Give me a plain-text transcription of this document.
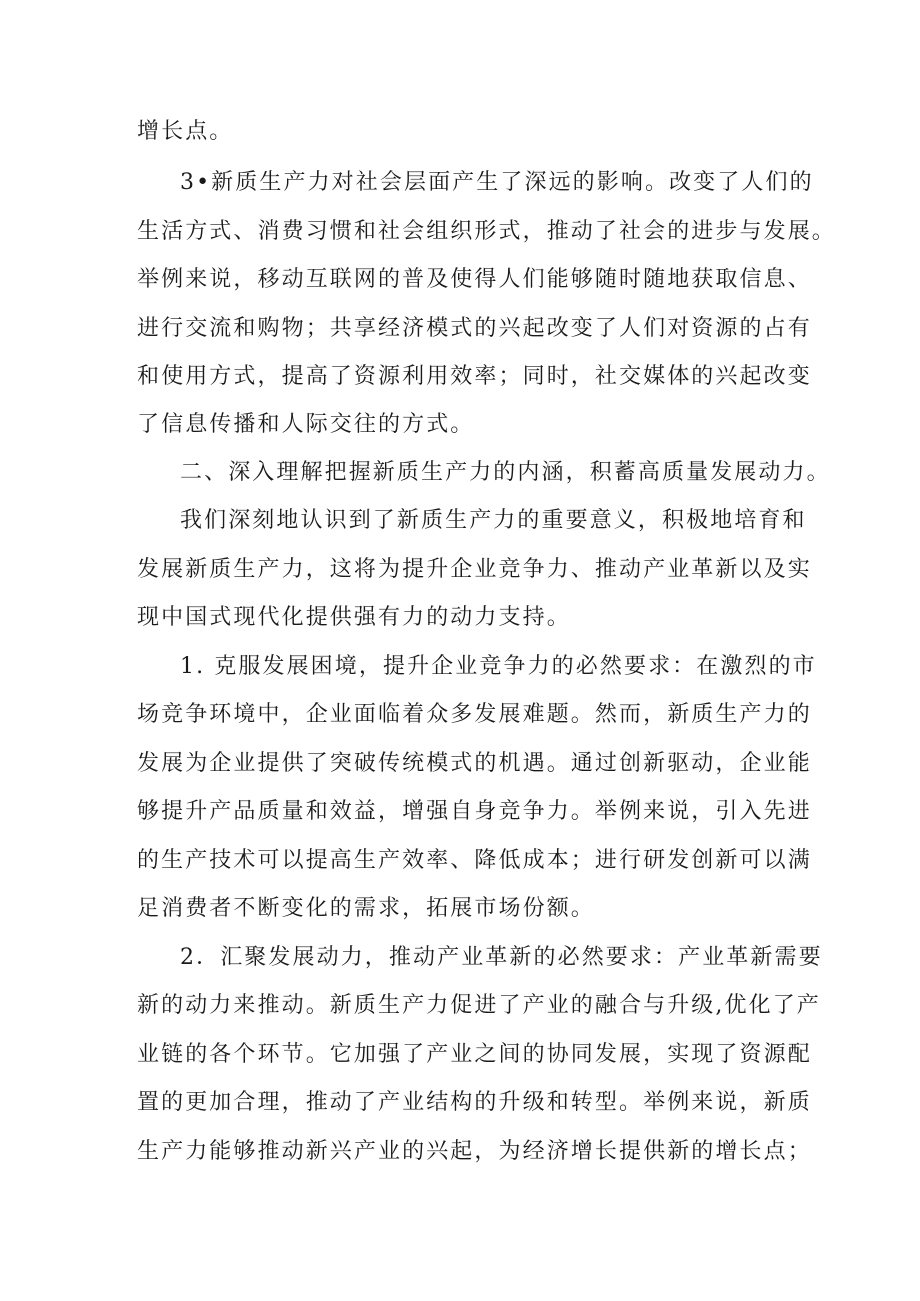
增长点。

3•新质生产力对社会层面产生了深远的影响。改变了人们的

生活方式、消费习惯和社会组织形式，推动了社会的进步与发展。

举例来说，移动互联网的普及使得人们能够随时随地获取信息、

进行交流和购物；共享经济模式的兴起改变了人们对资源的占有

和使用方式，提高了资源利用效率；同时，社交媒体的兴起改变

了信息传播和人际交往的方式。

二、深入理解把握新质生产力的内涵，积蓄高质量发展动力。

我们深刻地认识到了新质生产力的重要意义，积极地培育和

发展新质生产力，这将为提升企业竞争力、推动产业革新以及实

现中国式现代化提供强有力的动力支持。

1. 克服发展困境，提升企业竞争力的必然要求：在激烈的市

场竞争环境中，企业面临着众多发展难题。然而，新质生产力的

发展为企业提供了突破传统模式的机遇。通过创新驱动，企业能

够提升产品质量和效益，增强自身竞争力。举例来说，引入先进

的生产技术可以提高生产效率、降低成本；进行研发创新可以满

足消费者不断变化的需求，拓展市场份额。

2．汇聚发展动力，推动产业革新的必然要求：产业革新需要

新的动力来推动。新质生产力促进了产业的融合与升级,优化了产

业链的各个环节。它加强了产业之间的协同发展，实现了资源配

置的更加合理，推动了产业结构的升级和转型。举例来说，新质

生产力能够推动新兴产业的兴起，为经济增长提供新的增长点；
